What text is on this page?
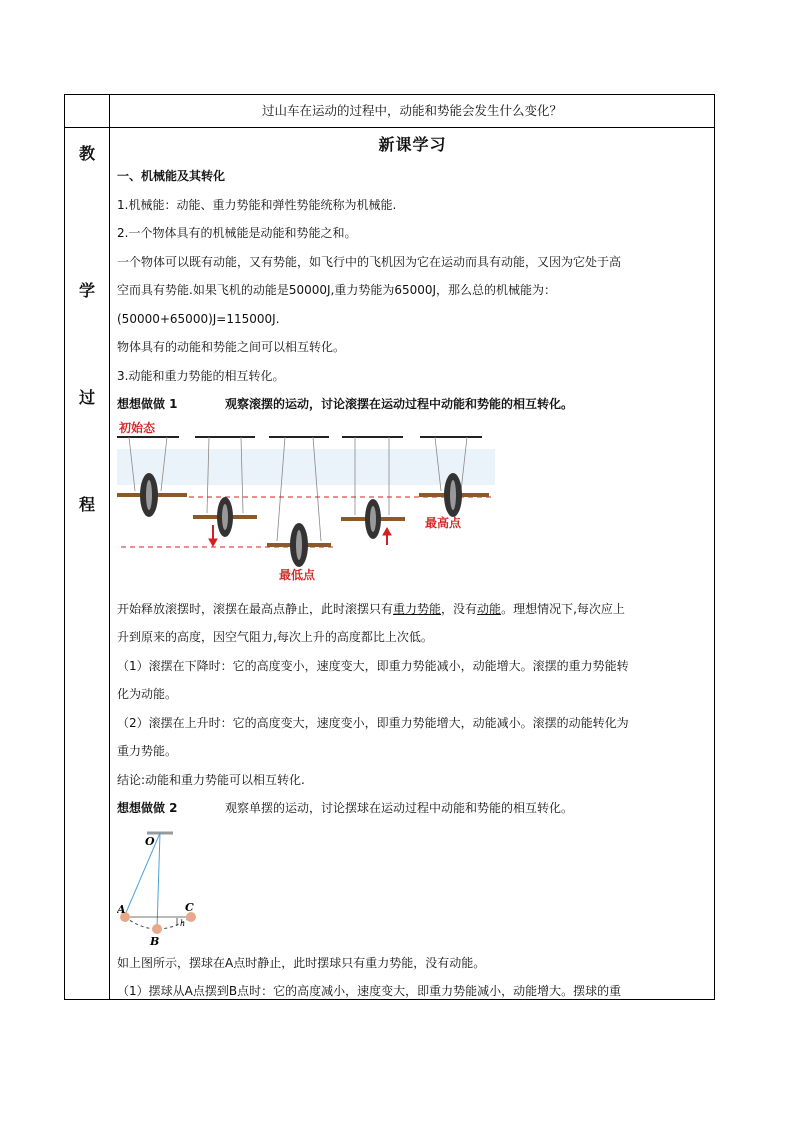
过山车在运动的过程中，动能和势能会发生什么变化？
教
学
过
程

新课学习

一、机械能及其转化

1.机械能：动能、重力势能和弹性势能统称为机械能.

2.一个物体具有的机械能是动能和势能之和。

一个物体可以既有动能，又有势能，如飞行中的飞机因为它在运动而具有动能，又因为它处于高

空而具有势能.如果飞机的动能是50000J,重力势能为65000J，那么总的机械能为：

(50000+65000)J=115000J.

物体具有的动能和势能之间可以相互转化。

3.动能和重力势能的相互转化。

想想做做 1	观察滚摆的运动，讨论滚摆在运动过程中动能和势能的相互转化。
初始态
最高点
最低点

开始释放滚摆时，滚摆在最高点静止，此时滚摆只有重力势能，没有动能。理想情况下,每次应上

升到原来的高度，因空气阻力,每次上升的高度都比上次低。

（1）滚摆在下降时：它的高度变小，速度变大，即重力势能减小，动能增大。滚摆的重力势能转

化为动能。

（2）滚摆在上升时：它的高度变大，速度变小，即重力势能增大，动能减小。滚摆的动能转化为

重力势能。

结论:动能和重力势能可以相互转化.

想想做做 2	观察单摆的运动，讨论摆球在运动过程中动能和势能的相互转化。
O
A
B
C
h

如上图所示，摆球在A点时静止，此时摆球只有重力势能，没有动能。

（1）摆球从A点摆到B点时：它的高度减小，速度变大，即重力势能减小，动能增大。摆球的重
